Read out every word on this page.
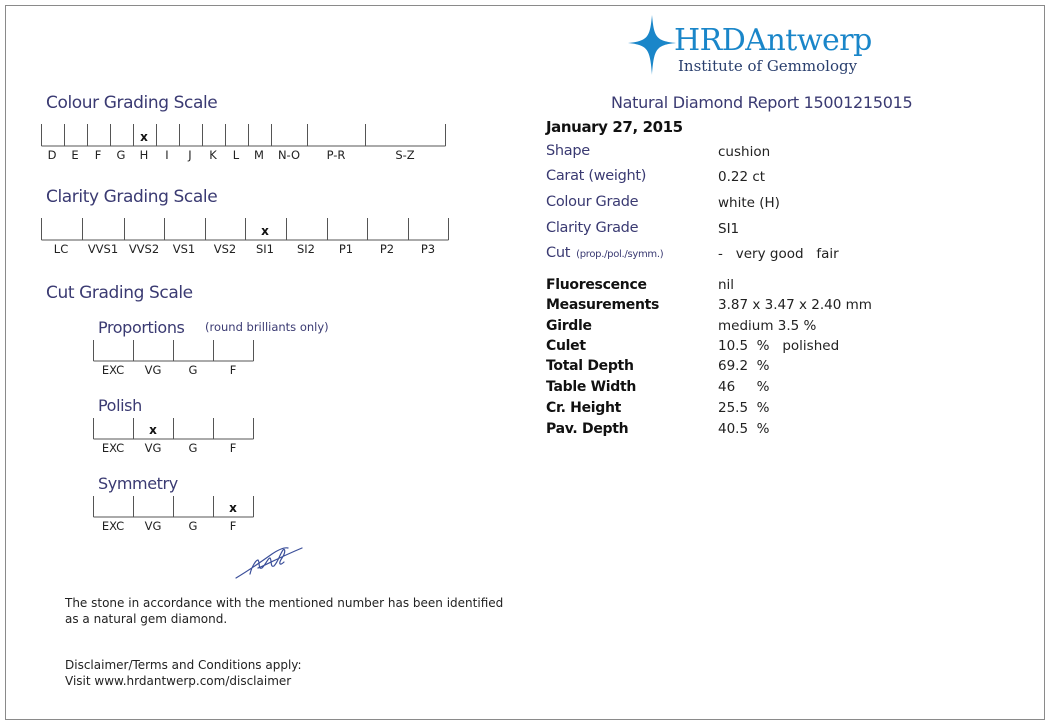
HRDAntwerp
Institute of Gemmology
Colour Grading Scale
D E F G H
x
I J K L M N-O P-R	S-Z
Clarity Grading Scale
LC VVS1 VVS2 VS1 VS2 SI1
x
SI2 P1 P2 P3
Cut Grading Scale
Proportions (round brilliants only)
EXC VG G	F
Polish
EXC VG
x
G	F
Symmetry
EXC VG G	F
x
Natural Diamond Report 15001215015
January 27, 2015
Shape	cushion
Carat (weight)	0.22 ct
Colour Grade	white (H)
Clarity Grade	SI1
Cut (prop./pol./symm.)	-   very good   fair
Fluorescence	nil
Measurements	3.87 x 3.47 x 2.40 mm
Girdle	medium 3.5 %
Culet	10.5  %   polished
Total Depth	69.2  %
Table Width	46     %
Cr. Height	25.5  %
Pav. Depth	40.5  %
The stone in accordance with the mentioned number has been identified
as a natural gem diamond.
Disclaimer/Terms and Conditions apply:
Visit www.hrdantwerp.com/disclaimer
